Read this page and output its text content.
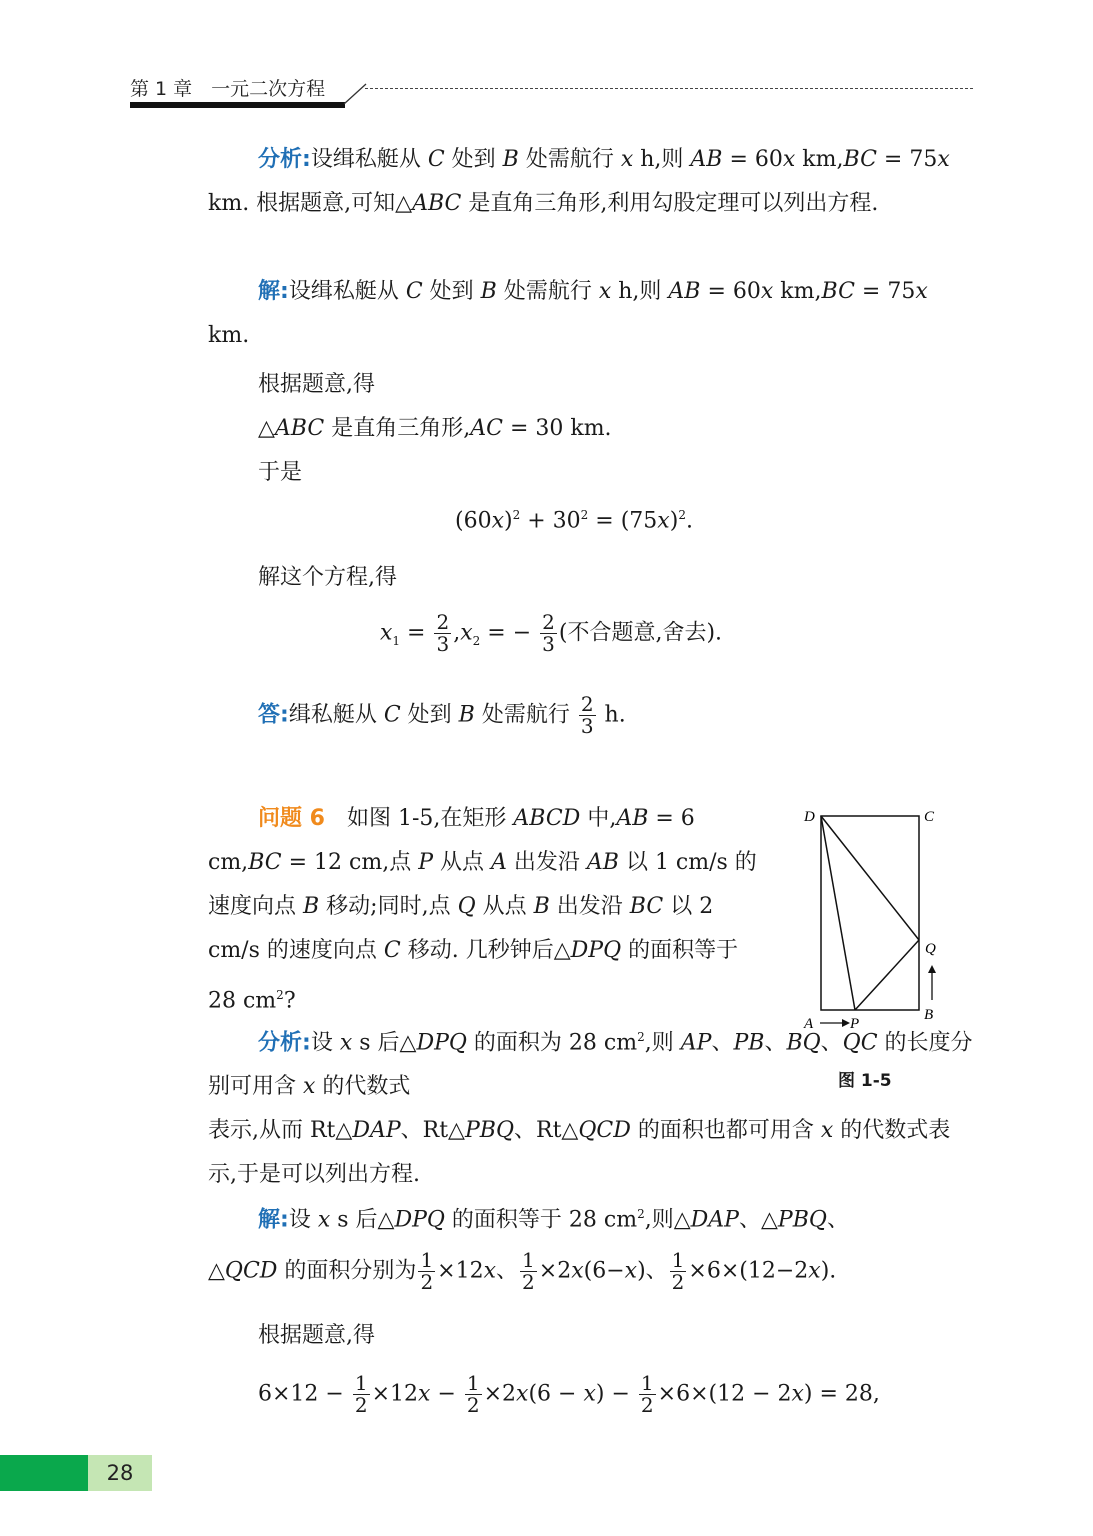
第 1 章　一元二次方程
分析:设缉私艇从 C 处到 B 处需航行 x h,则 AB = 60x km,BC = 75x km. 根据题意,可知△ABC 是直角三角形,利用勾股定理可以列出方程.
解:设缉私艇从 C 处到 B 处需航行 x h,则 AB = 60x km,BC = 75x km.
根据题意,得
△ABC 是直角三角形,AC = 30 km.
于是
$(60x)^2 + 30^2 = (75x)^2$.
解这个方程,得
$x_1 = \frac{2}{3} ,x_2$ = − $\frac{2}{3}$ (不合题意,舍去).
答:缉私艇从 C 处到 B 处需航行 $\frac{2}{3} h$.
问题 6　如图 1-5,在矩形 ABCD 中,AB = 6 cm,BC = 12 cm,点 P 从点 A 出发沿 AB 以 1 cm/s 的速度向点 B 移动;同时,点 Q 从点 B 出发沿 BC 以 2 cm/s 的速度向点 C 移动. 几秒钟后△DPQ 的面积等于 28 $cm^2$?
分析:设 x s 后△DPQ 的面积为 28 $cm^2$,则 AP、PB、BQ、QC 的长度分别可用含 x 的代数式
表示,从而 Rt△DAP、Rt△PBQ、Rt△QCD 的面积也都可用含 x 的代数式表示,于是可以列出方程.
解:设 x s 后△DPQ 的面积等于 28 $cm^2$,则△DAP、△PBQ、
△QCD 的面积分别为 $\frac{1}{2} \times 12x$、 $\frac{1}{2} \times 2x(6-x)$、 $\frac{1}{2} \times 6\times(12-2x)$.
根据题意,得
$6\times 12 - \frac{1}{2} \times 12x - \frac{1}{2} \times 2x(6 - x) - \frac{1}{2} \times 6\times(12 - 2x) = 28$,
D	C
Q
B
A P
图 1-5
28
